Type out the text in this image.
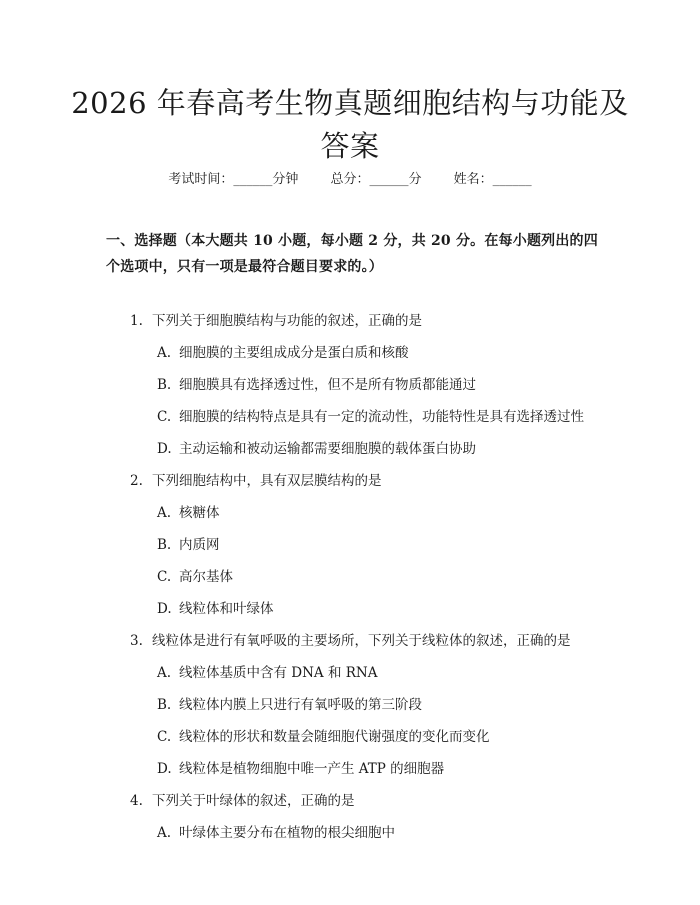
2026 年春高考生物真题细胞结构与功能及答案
考试时间：______分钟 总分：______分 姓名：______
一、选择题（本大题共 10 小题，每小题 2 分，共 20 分。在每小题列出的四个选项中，只有一项是最符合题目要求的。）
1. 下列关于细胞膜结构与功能的叙述，正确的是
A. 细胞膜的主要组成成分是蛋白质和核酸
B. 细胞膜具有选择透过性，但不是所有物质都能通过
C. 细胞膜的结构特点是具有一定的流动性，功能特性是具有选择透过性
D. 主动运输和被动运输都需要细胞膜的载体蛋白协助
2. 下列细胞结构中，具有双层膜结构的是
A. 核糖体
B. 内质网
C. 高尔基体
D. 线粒体和叶绿体
3. 线粒体是进行有氧呼吸的主要场所，下列关于线粒体的叙述，正确的是
A. 线粒体基质中含有 DNA 和 RNA
B. 线粒体内膜上只进行有氧呼吸的第三阶段
C. 线粒体的形状和数量会随细胞代谢强度的变化而变化
D. 线粒体是植物细胞中唯一产生 ATP 的细胞器
4. 下列关于叶绿体的叙述，正确的是
A. 叶绿体主要分布在植物的根尖细胞中
